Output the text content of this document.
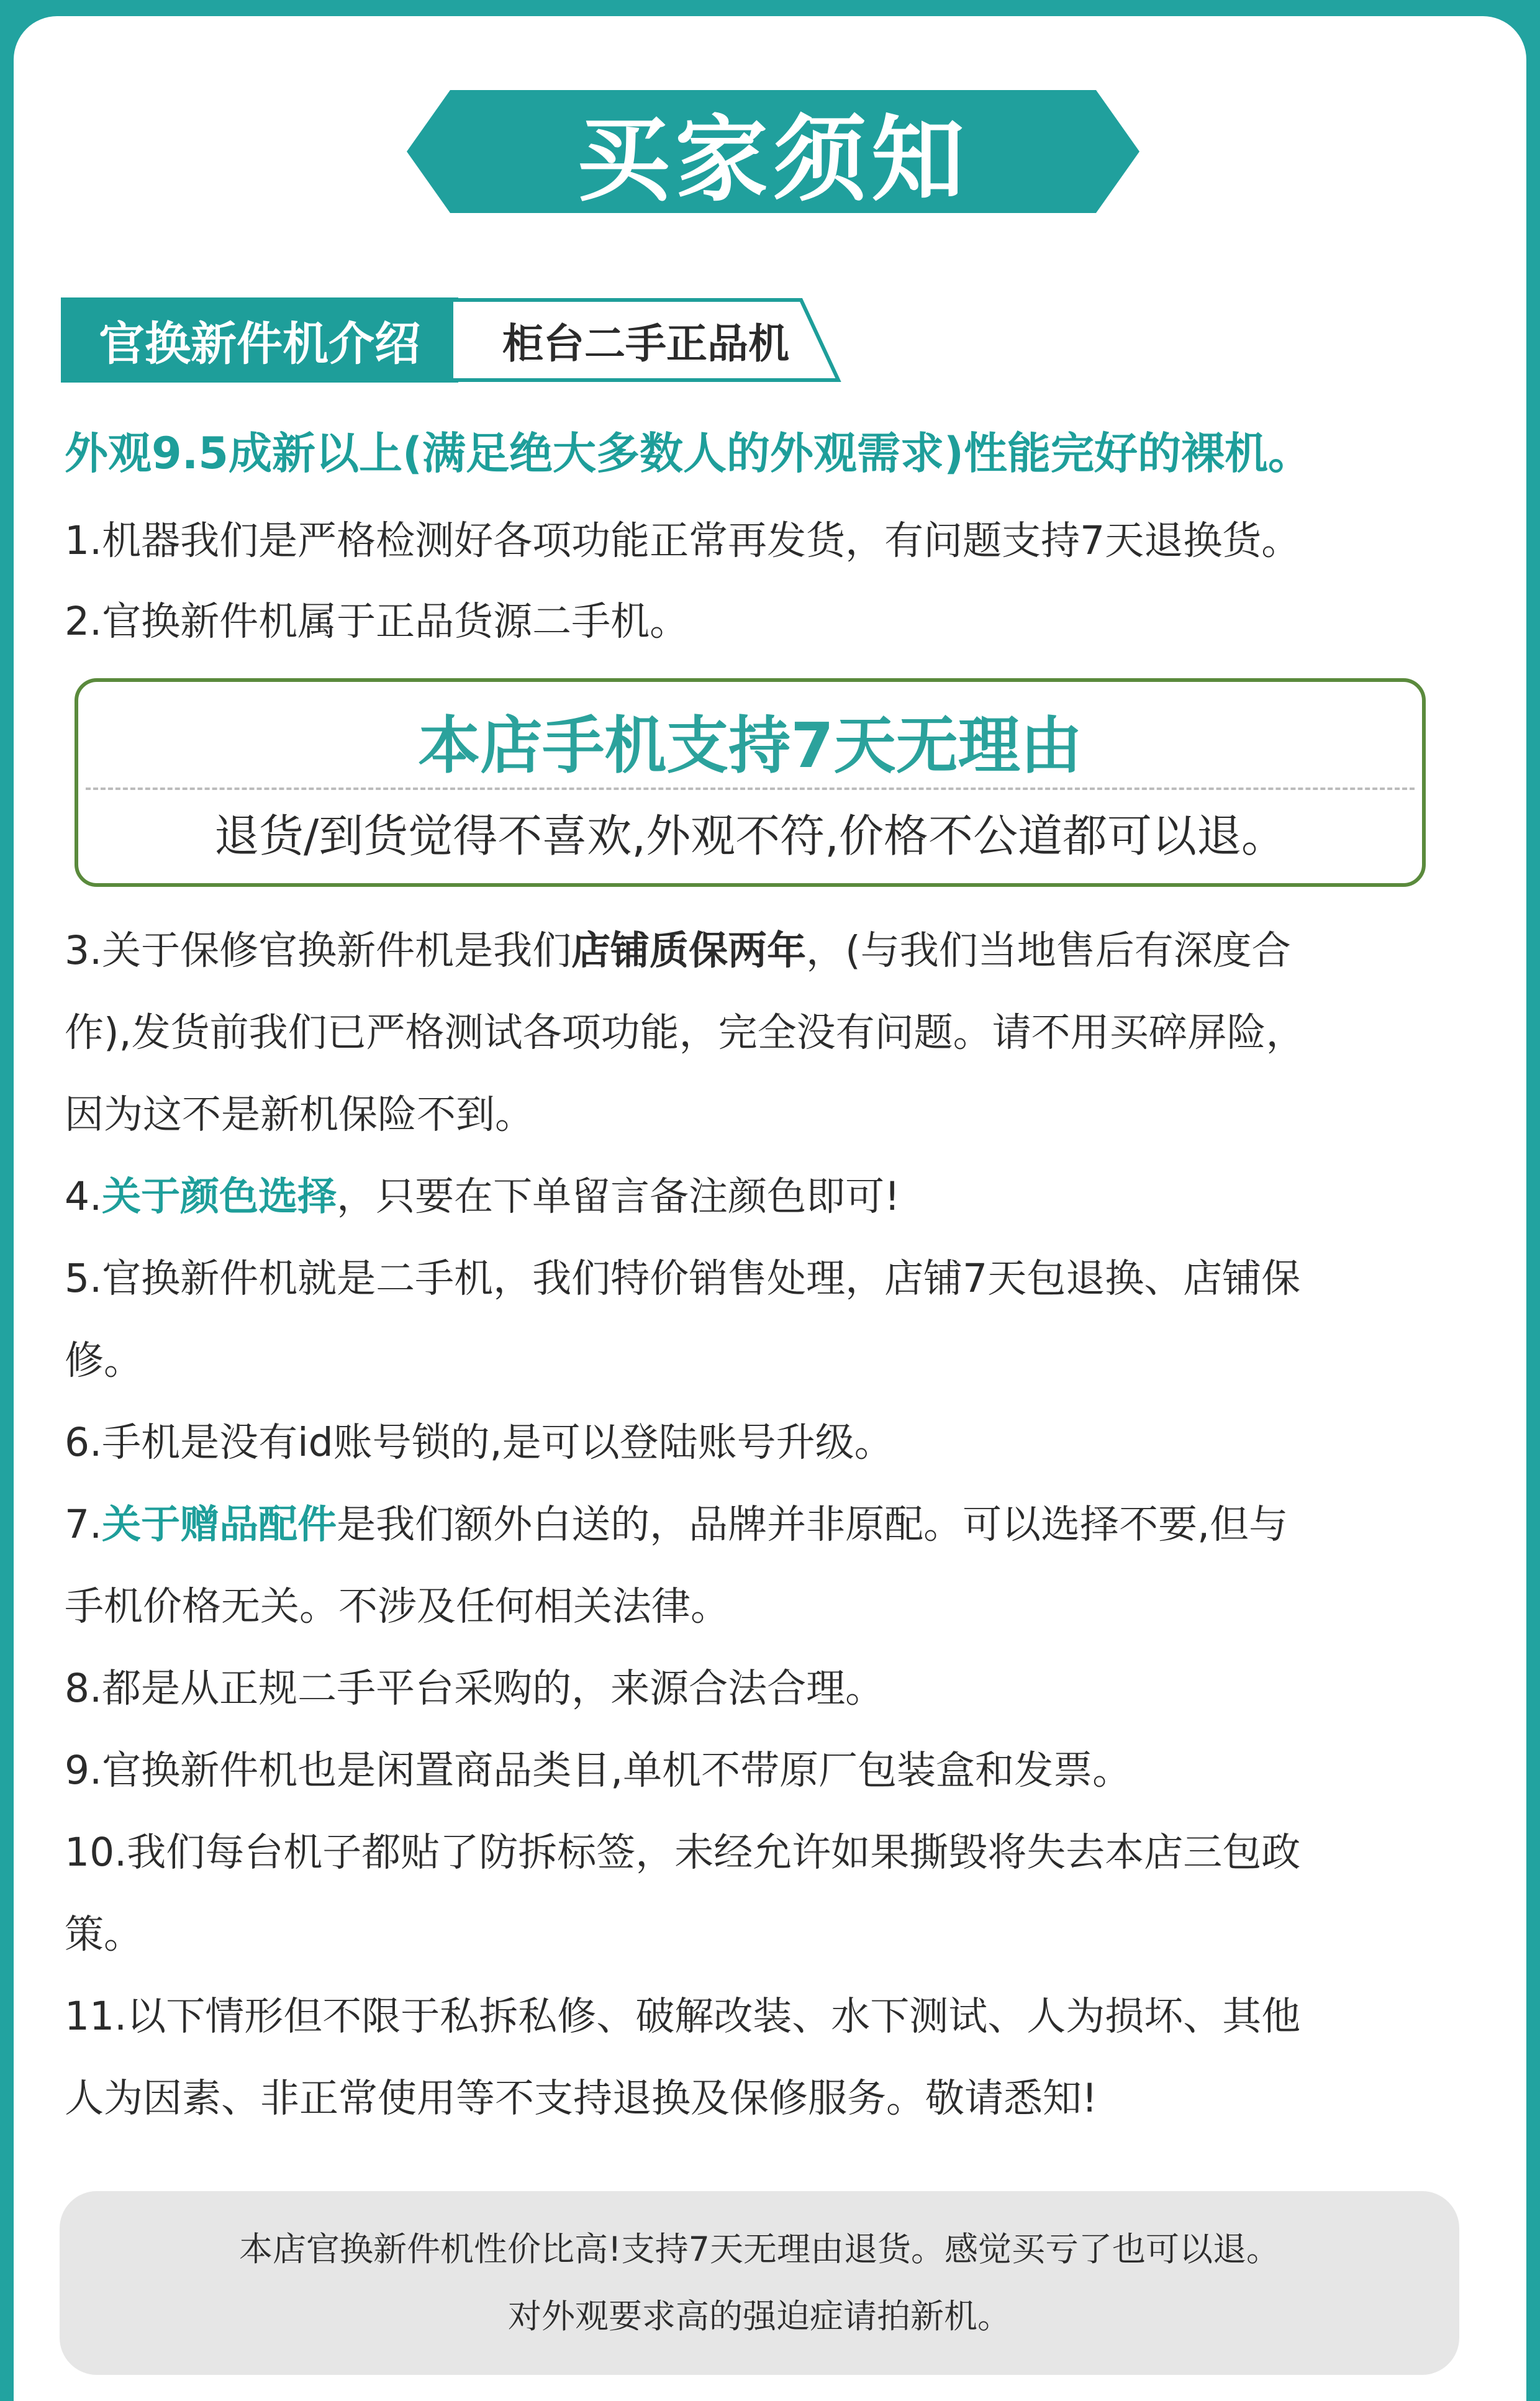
买家须知
官换新件机介绍	柜台二手正品机
外观9.5成新以上(满足绝大多数人的外观需求)性能完好的裸机。
1.机器我们是严格检测好各项功能正常再发货，有问题支持7天退换货。
2.官换新件机属于正品货源二手机。
本店手机支持7天无理由
退货/到货觉得不喜欢,外观不符,价格不公道都可以退。
3.关于保修官换新件机是我们店铺质保两年，(与我们当地售后有深度合
作),发货前我们已严格测试各项功能，完全没有问题。请不用买碎屏险，
因为这不是新机保险不到。
4.关于颜色选择，只要在下单留言备注颜色即可!
5.官换新件机就是二手机，我们特价销售处理，店铺7天包退换、店铺保
修。
6.手机是没有id账号锁的,是可以登陆账号升级。
7.关于赠品配件是我们额外白送的，品牌并非原配。可以选择不要,但与
手机价格无关。不涉及任何相关法律。
8.都是从正规二手平台采购的，来源合法合理。
9.官换新件机也是闲置商品类目,单机不带原厂包装盒和发票。
10.我们每台机子都贴了防拆标签，未经允许如果撕毁将失去本店三包政
策。
11.以下情形但不限于私拆私修、破解改装、水下测试、人为损坏、其他
人为因素、非正常使用等不支持退换及保修服务。敬请悉知!
本店官换新件机性价比高!支持7天无理由退货。感觉买亏了也可以退。
对外观要求高的强迫症请拍新机。
